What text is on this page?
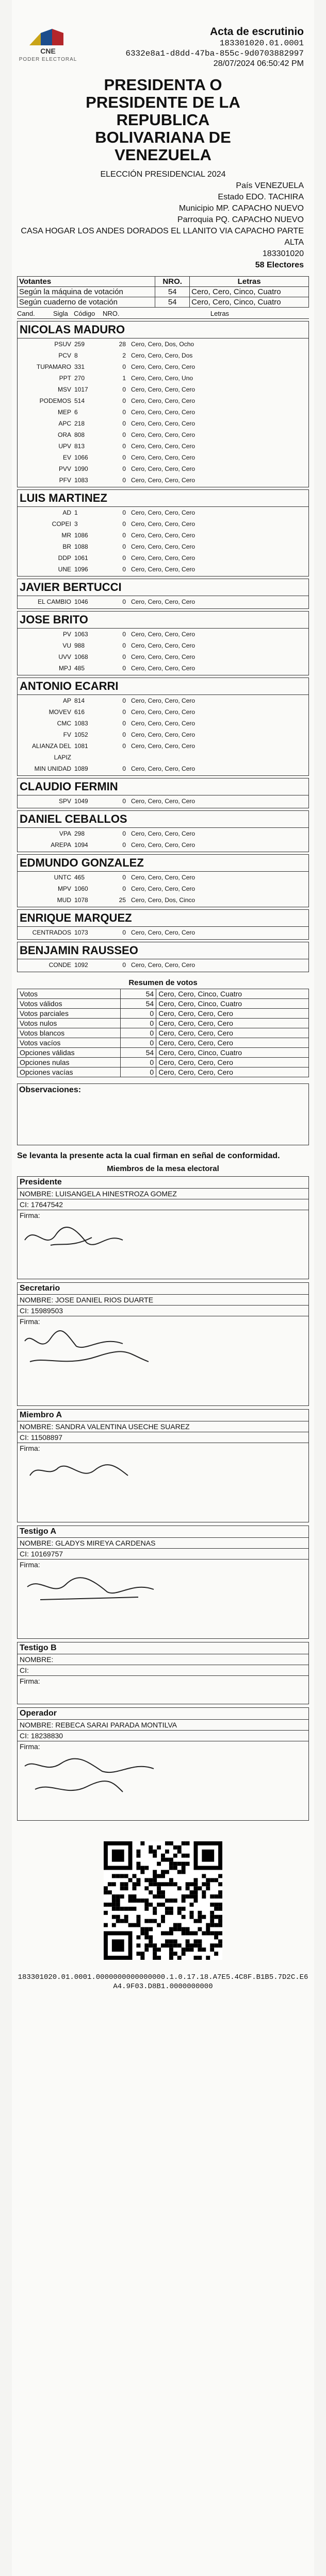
CNE
PODER ELECTORAL
Acta de escrutinio
183301020.01.0001
6332e8a1-d8dd-47ba-855c-9d0703882997
28/07/2024 06:50:42 PM
PRESIDENTA O
PRESIDENTE DE LA
REPUBLICA
BOLIVARIANA DE
VENEZUELA
ELECCIÓN PRESIDENCIAL 2024
País VENEZUELA
Estado EDO. TACHIRA
Municipio MP. CAPACHO NUEVO
Parroquia PQ. CAPACHO NUEVO
CASA HOGAR LOS ANDES DORADOS EL LLANITO VIA CAPACHO PARTE ALTA
183301020
58 Electores
Votantes	NRO.	Letras
Según la máquina de votación	54	Cero, Cero, Cinco, Cuatro
Según cuaderno de votación	54	Cero, Cero, Cinco, Cuatro
Cand.	Sigla Código	NRO.	Letras
NICOLAS MADURO
PSUV 259	28 Cero, Cero, Dos, Ocho
PCV 8	2 Cero, Cero, Cero, Dos
TUPAMARO 331	0 Cero, Cero, Cero, Cero
PPT 270	1 Cero, Cero, Cero, Uno
MSV 1017	0 Cero, Cero, Cero, Cero
PODEMOS 514	0 Cero, Cero, Cero, Cero
MEP 6	0 Cero, Cero, Cero, Cero
APC 218	0 Cero, Cero, Cero, Cero
ORA 808	0 Cero, Cero, Cero, Cero
UPV 813	0 Cero, Cero, Cero, Cero
EV 1066	0 Cero, Cero, Cero, Cero
PVV 1090	0 Cero, Cero, Cero, Cero
PFV 1083	0 Cero, Cero, Cero, Cero
LUIS MARTINEZ
AD 1	0 Cero, Cero, Cero, Cero
COPEI 3	0 Cero, Cero, Cero, Cero
MR 1086	0 Cero, Cero, Cero, Cero
BR 1088	0 Cero, Cero, Cero, Cero
DDP 1061	0 Cero, Cero, Cero, Cero
UNE 1096	0 Cero, Cero, Cero, Cero
JAVIER BERTUCCI
EL CAMBIO 1046	0 Cero, Cero, Cero, Cero
JOSE BRITO
PV 1063	0 Cero, Cero, Cero, Cero
VU 988	0 Cero, Cero, Cero, Cero
UVV 1068	0 Cero, Cero, Cero, Cero
MPJ 485	0 Cero, Cero, Cero, Cero
ANTONIO ECARRI
AP 814	0 Cero, Cero, Cero, Cero
MOVEV 616	0 Cero, Cero, Cero, Cero
CMC 1083	0 Cero, Cero, Cero, Cero
FV 1052	0 Cero, Cero, Cero, Cero
ALIANZA DEL LAPIZ
1081	0 Cero, Cero, Cero, Cero
MIN UNIDAD 1089	0 Cero, Cero, Cero, Cero
CLAUDIO FERMIN
SPV 1049	0 Cero, Cero, Cero, Cero
DANIEL CEBALLOS
VPA 298	0 Cero, Cero, Cero, Cero
AREPA 1094	0 Cero, Cero, Cero, Cero
EDMUNDO GONZALEZ
UNTC 465	0 Cero, Cero, Cero, Cero
MPV 1060	0 Cero, Cero, Cero, Cero
MUD 1078	25 Cero, Cero, Dos, Cinco
ENRIQUE MARQUEZ
CENTRADOS 1073	0 Cero, Cero, Cero, Cero
BENJAMIN RAUSSEO
CONDE 1092	0 Cero, Cero, Cero, Cero
Resumen de votos
Votos	54	Cero, Cero, Cinco, Cuatro
Votos válidos	54	Cero, Cero, Cinco, Cuatro
Votos parciales	0	Cero, Cero, Cero, Cero
Votos nulos	0	Cero, Cero, Cero, Cero
Votos blancos	0	Cero, Cero, Cero, Cero
Votos vacíos	0	Cero, Cero, Cero, Cero
Opciones válidas	54	Cero, Cero, Cinco, Cuatro
Opciones nulas	0	Cero, Cero, Cero, Cero
Opciones vacías	0	Cero, Cero, Cero, Cero
Observaciones:
Se levanta la presente acta la cual firman en señal de conformidad.
Miembros de la mesa electoral
Presidente
NOMBRE: LUISANGELA HINESTROZA GOMEZ
CI: 17647542
Firma:
Secretario
NOMBRE: JOSE DANIEL RIOS DUARTE
CI: 15989503
Firma:
Miembro A
NOMBRE: SANDRA VALENTINA USECHE SUAREZ
CI: 11508897
Firma:
Testigo A
NOMBRE: GLADYS MIREYA CARDENAS
CI: 10169757
Firma:
Testigo B
NOMBRE:
CI:
Firma:
Operador
NOMBRE: REBECA SARAI PARADA MONTILVA
CI: 18238830
Firma:
183301020.01.0001.0000000000000000.1.0.17.18.A7E5.4C8F.B1B5.7D2C.E6A4.9F03.D8B1.0000000000
